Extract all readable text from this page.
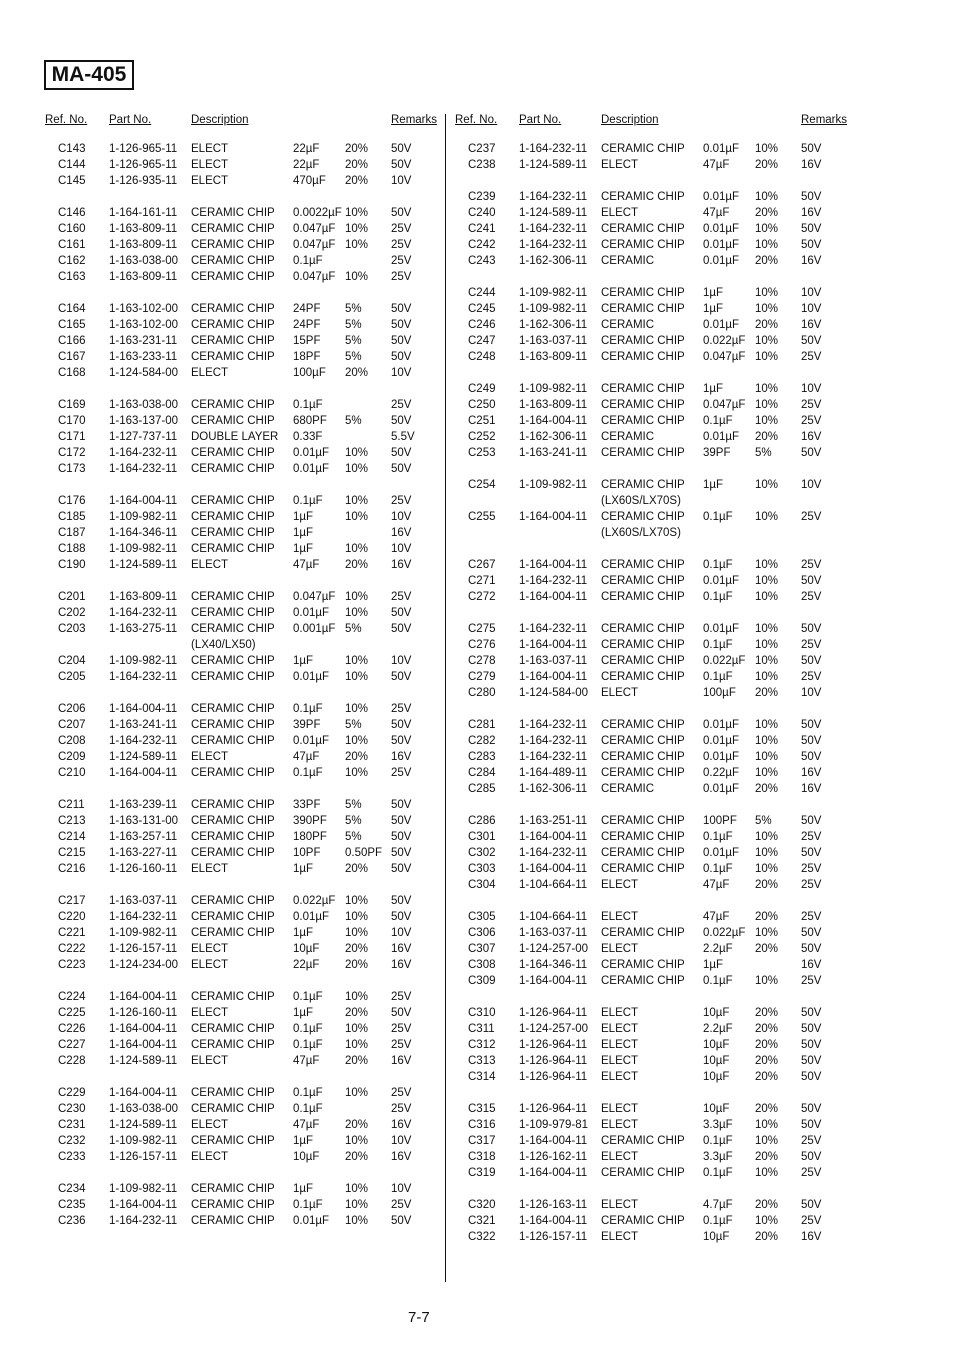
MA-405
Ref. No. Part No.	Description	Remarks
C143 1-126-965-11 ELECT	22µF 20% 50V
C144 1-126-965-11 ELECT	22µF 20% 50V
C145 1-126-935-11 ELECT	470µF 20% 10V
C146 1-164-161-11 CERAMIC CHIP 0.0022µF 10% 50V
C160 1-163-809-11 CERAMIC CHIP 0.047µF 10% 25V
C161 1-163-809-11 CERAMIC CHIP 0.047µF 10% 25V
C162 1-163-038-00 CERAMIC CHIP 0.1µF	25V
C163 1-163-809-11 CERAMIC CHIP 0.047µF 10% 25V
C164 1-163-102-00 CERAMIC CHIP 24PF 5%	50V
C165 1-163-102-00 CERAMIC CHIP 24PF 5%	50V
C166 1-163-231-11 CERAMIC CHIP 15PF 5%	50V
C167 1-163-233-11 CERAMIC CHIP 18PF 5%	50V
C168 1-124-584-00 ELECT	100µF 20% 10V
C169 1-163-038-00 CERAMIC CHIP 0.1µF	25V
C170 1-163-137-00 CERAMIC CHIP 680PF 5%	50V
C171 1-127-737-11 DOUBLE LAYER 0.33F	5.5V
C172 1-164-232-11 CERAMIC CHIP 0.01µF 10% 50V
C173 1-164-232-11 CERAMIC CHIP 0.01µF 10% 50V
C176 1-164-004-11 CERAMIC CHIP 0.1µF 10% 25V
C185 1-109-982-11 CERAMIC CHIP 1µF	10% 10V
C187 1-164-346-11 CERAMIC CHIP 1µF	16V
C188 1-109-982-11 CERAMIC CHIP 1µF	10% 10V
C190 1-124-589-11 ELECT	47µF 20% 16V
C201 1-163-809-11 CERAMIC CHIP 0.047µF 10% 25V
C202 1-164-232-11 CERAMIC CHIP 0.01µF 10% 50V
C203 1-163-275-11 CERAMIC CHIP 0.001µF 5%	50V
(LX40/LX50)
C204 1-109-982-11 CERAMIC CHIP 1µF	10% 10V
C205 1-164-232-11 CERAMIC CHIP 0.01µF 10% 50V
C206 1-164-004-11 CERAMIC CHIP 0.1µF 10% 25V
C207 1-163-241-11 CERAMIC CHIP 39PF 5%	50V
C208 1-164-232-11 CERAMIC CHIP 0.01µF 10% 50V
C209 1-124-589-11 ELECT	47µF 20% 16V
C210 1-164-004-11 CERAMIC CHIP 0.1µF 10% 25V
C211 1-163-239-11 CERAMIC CHIP 33PF 5%	50V
C213 1-163-131-00 CERAMIC CHIP 390PF 5%	50V
C214 1-163-257-11 CERAMIC CHIP 180PF 5%	50V
C215 1-163-227-11 CERAMIC CHIP 10PF 0.50PF 50V
C216 1-126-160-11 ELECT	1µF	20% 50V
C217 1-163-037-11 CERAMIC CHIP 0.022µF 10% 50V
C220 1-164-232-11 CERAMIC CHIP 0.01µF 10% 50V
C221 1-109-982-11 CERAMIC CHIP 1µF	10% 10V
C222 1-126-157-11 ELECT	10µF 20% 16V
C223 1-124-234-00 ELECT	22µF 20% 16V
C224 1-164-004-11 CERAMIC CHIP 0.1µF 10% 25V
C225 1-126-160-11 ELECT	1µF	20% 50V
C226 1-164-004-11 CERAMIC CHIP 0.1µF 10% 25V
C227 1-164-004-11 CERAMIC CHIP 0.1µF 10% 25V
C228 1-124-589-11 ELECT	47µF 20% 16V
C229 1-164-004-11 CERAMIC CHIP 0.1µF 10% 25V
C230 1-163-038-00 CERAMIC CHIP 0.1µF	25V
C231 1-124-589-11 ELECT	47µF 20% 16V
C232 1-109-982-11 CERAMIC CHIP 1µF	10% 10V
C233 1-126-157-11 ELECT	10µF 20% 16V
C234 1-109-982-11 CERAMIC CHIP 1µF	10% 10V
C235 1-164-004-11 CERAMIC CHIP 0.1µF 10% 25V
C236 1-164-232-11 CERAMIC CHIP 0.01µF 10% 50V
Ref. No. Part No.	Description	Remarks
C237 1-164-232-11 CERAMIC CHIP 0.01µF 10% 50V
C238 1-124-589-11 ELECT	47µF 20% 16V
C239 1-164-232-11 CERAMIC CHIP 0.01µF 10% 50V
C240 1-124-589-11 ELECT	47µF 20% 16V
C241 1-164-232-11 CERAMIC CHIP 0.01µF 10% 50V
C242 1-164-232-11 CERAMIC CHIP 0.01µF 10% 50V
C243 1-162-306-11 CERAMIC	0.01µF 20% 16V
C244 1-109-982-11 CERAMIC CHIP 1µF	10% 10V
C245 1-109-982-11 CERAMIC CHIP 1µF	10% 10V
C246 1-162-306-11 CERAMIC	0.01µF 20% 16V
C247 1-163-037-11 CERAMIC CHIP 0.022µF 10% 50V
C248 1-163-809-11 CERAMIC CHIP 0.047µF 10% 25V
C249 1-109-982-11 CERAMIC CHIP 1µF	10% 10V
C250 1-163-809-11 CERAMIC CHIP 0.047µF 10% 25V
C251 1-164-004-11 CERAMIC CHIP 0.1µF 10% 25V
C252 1-162-306-11 CERAMIC	0.01µF 20% 16V
C253 1-163-241-11 CERAMIC CHIP 39PF 5%	50V
C254 1-109-982-11 CERAMIC CHIP 1µF	10% 10V
(LX60S/LX70S)
C255 1-164-004-11 CERAMIC CHIP 0.1µF 10% 25V
(LX60S/LX70S)
C267 1-164-004-11 CERAMIC CHIP 0.1µF 10% 25V
C271 1-164-232-11 CERAMIC CHIP 0.01µF 10% 50V
C272 1-164-004-11 CERAMIC CHIP 0.1µF 10% 25V
C275 1-164-232-11 CERAMIC CHIP 0.01µF 10% 50V
C276 1-164-004-11 CERAMIC CHIP 0.1µF 10% 25V
C278 1-163-037-11 CERAMIC CHIP 0.022µF 10% 50V
C279 1-164-004-11 CERAMIC CHIP 0.1µF 10% 25V
C280 1-124-584-00 ELECT	100µF 20% 10V
C281 1-164-232-11 CERAMIC CHIP 0.01µF 10% 50V
C282 1-164-232-11 CERAMIC CHIP 0.01µF 10% 50V
C283 1-164-232-11 CERAMIC CHIP 0.01µF 10% 50V
C284 1-164-489-11 CERAMIC CHIP 0.22µF 10% 16V
C285 1-162-306-11 CERAMIC	0.01µF 20% 16V
C286 1-163-251-11 CERAMIC CHIP 100PF 5%	50V
C301 1-164-004-11 CERAMIC CHIP 0.1µF 10% 25V
C302 1-164-232-11 CERAMIC CHIP 0.01µF 10% 50V
C303 1-164-004-11 CERAMIC CHIP 0.1µF 10% 25V
C304 1-104-664-11 ELECT	47µF 20% 25V
C305 1-104-664-11 ELECT	47µF 20% 25V
C306 1-163-037-11 CERAMIC CHIP 0.022µF 10% 50V
C307 1-124-257-00 ELECT	2.2µF 20% 50V
C308 1-164-346-11 CERAMIC CHIP 1µF	16V
C309 1-164-004-11 CERAMIC CHIP 0.1µF 10% 25V
C310 1-126-964-11 ELECT	10µF 20% 50V
C311 1-124-257-00 ELECT	2.2µF 20% 50V
C312 1-126-964-11 ELECT	10µF 20% 50V
C313 1-126-964-11 ELECT	10µF 20% 50V
C314 1-126-964-11 ELECT	10µF 20% 50V
C315 1-126-964-11 ELECT	10µF 20% 50V
C316 1-109-979-81 ELECT	3.3µF 10% 50V
C317 1-164-004-11 CERAMIC CHIP 0.1µF 10% 25V
C318 1-126-162-11 ELECT	3.3µF 20% 50V
C319 1-164-004-11 CERAMIC CHIP 0.1µF 10% 25V
C320 1-126-163-11 ELECT	4.7µF 20% 50V
C321 1-164-004-11 CERAMIC CHIP 0.1µF 10% 25V
C322 1-126-157-11 ELECT	10µF 20% 16V
7-7
